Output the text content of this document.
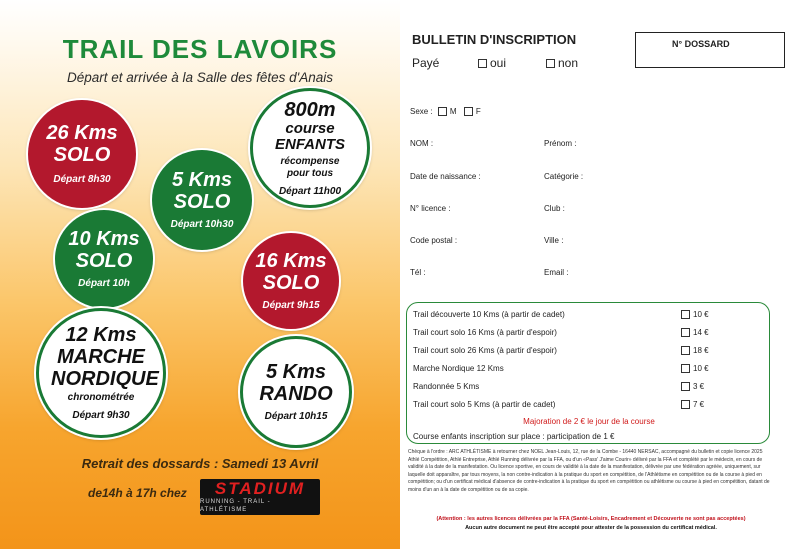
TRAIL DES LAVOIRS
Départ et arrivée à la Salle des fêtes d'Anais
26 Kms
SOLO
Départ 8h30	5 Kms
SOLO
Départ 10h30
800m
course ENFANTS
récompense pour tous
Départ 11h00
10 Kms
SOLO
Départ 10h
16 Kms
SOLO
Départ 9h15
12 Kms
MARCHE NORDIQUE
chronométrée
Départ 9h30
5 Kms
RANDO
Départ 10h15
Retrait des dossards : Samedi 13 Avril
de14h à 17h chez STADIUM
RUNNING - TRAIL - ATHLÉTISME
BULLETIN D'INSCRIPTION
Payé	oui	non
N° DOSSARD
Sexe : M F
NOM :	Prénom :
Date de naissance :	Catégorie :
N° licence :	Club :
Code postal :	Ville :
Tél :	Email :
Trail découverte 10 Kms (à partir de cadet)	10 €
Trail court solo 16 Kms (à partir d'espoir)	14 €
Trail court solo 26 Kms (à partir d'espoir)	18 €
Marche Nordique 12 Kms	10 €
Randonnée 5 Kms	3 €
Trail court solo 5 Kms (à partir de cadet)	7 €
Majoration de 2 € le jour de la course
Course enfants inscription sur place : participation de 1 €
Chèque à l'ordre : ARC ATHLÉTISME à retourner chez NOEL Jean-Louis, 12, rue de la Combe - 16440 NERSAC, accompagné du bulletin et copie licence 2025 Athlé Compétition, Athlé Entreprise, Athlé Running délivrée par la FFA, ou d'un «Pass' J'aime Courir» délivré par la FFA et complété par le médecin, en cours de validité à la date de la manifestation. Ou licence sportive, en cours de validité à la date de la manifestation, délivrée par une fédération agréée, uniquement, sur laquelle doit apparaître, par tous moyens, la non contre-indication à la pratique du sport en compétition, de l'Athlétisme en compétition ou de la course à pied en compétition; ou d'un certificat médical d'absence de contre-indication à la pratique du sport en compétition ou athlétisme ou course à pied en compétition, datant de moins d'un an à la date de compétition ou de sa copie.
(Attention : les autres licences délivrées par la FFA (Santé-Loisirs, Encadrement et Découverte ne sont pas acceptées)
Aucun autre document ne peut être accepté pour attester de la possession du certificat médical.
